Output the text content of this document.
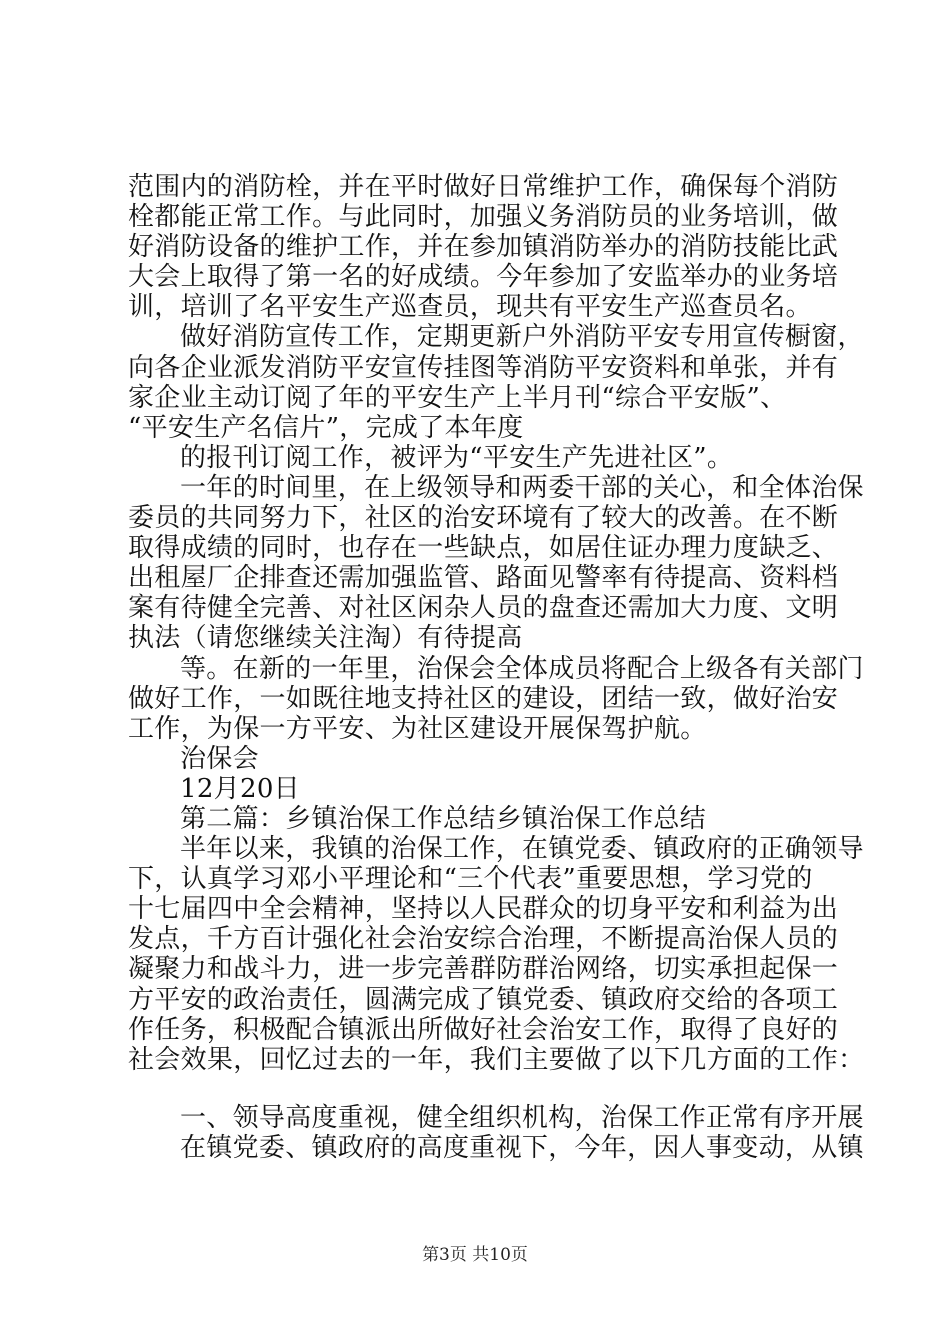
范围内的消防栓，并在平时做好日常维护工作，确保每个消防
栓都能正常工作。与此同时，加强义务消防员的业务培训，做
好消防设备的维护工作，并在参加镇消防举办的消防技能比武
大会上取得了第一名的好成绩。今年参加了安监举办的业务培
训，培训了名平安生产巡查员，现共有平安生产巡查员名。
做好消防宣传工作，定期更新户外消防平安专用宣传橱窗，
向各企业派发消防平安宣传挂图等消防平安资料和单张，并有
家企业主动订阅了年的平安生产上半月刊“综合平安版”、
“平安生产名信片”，完成了本年度
的报刊订阅工作，被评为“平安生产先进社区”。
一年的时间里，在上级领导和两委干部的关心，和全体治保
委员的共同努力下，社区的治安环境有了较大的改善。在不断
取得成绩的同时，也存在一些缺点，如居住证办理力度缺乏、
出租屋厂企排查还需加强监管、路面见警率有待提高、资料档
案有待健全完善、对社区闲杂人员的盘查还需加大力度、文明
执法（请您继续关注淘）有待提高
等。在新的一年里，治保会全体成员将配合上级各有关部门
做好工作，一如既往地支持社区的建设，团结一致，做好治安
工作，为保一方平安、为社区建设开展保驾护航。
治保会
12月20日
第二篇：乡镇治保工作总结乡镇治保工作总结
半年以来，我镇的治保工作，在镇党委、镇政府的正确领导
下，认真学习邓小平理论和“三个代表”重要思想，学习党的
十七届四中全会精神，坚持以人民群众的切身平安和利益为出
发点，千方百计强化社会治安综合治理，不断提高治保人员的
凝聚力和战斗力，进一步完善群防群治网络，切实承担起保一
方平安的政治责任，圆满完成了镇党委、镇政府交给的各项工
作任务，积极配合镇派出所做好社会治安工作，取得了良好的
社会效果，回忆过去的一年，我们主要做了以下几方面的工作：
一、领导高度重视，健全组织机构，治保工作正常有序开展
在镇党委、镇政府的高度重视下，今年，因人事变动，从镇
第3页 共10页
